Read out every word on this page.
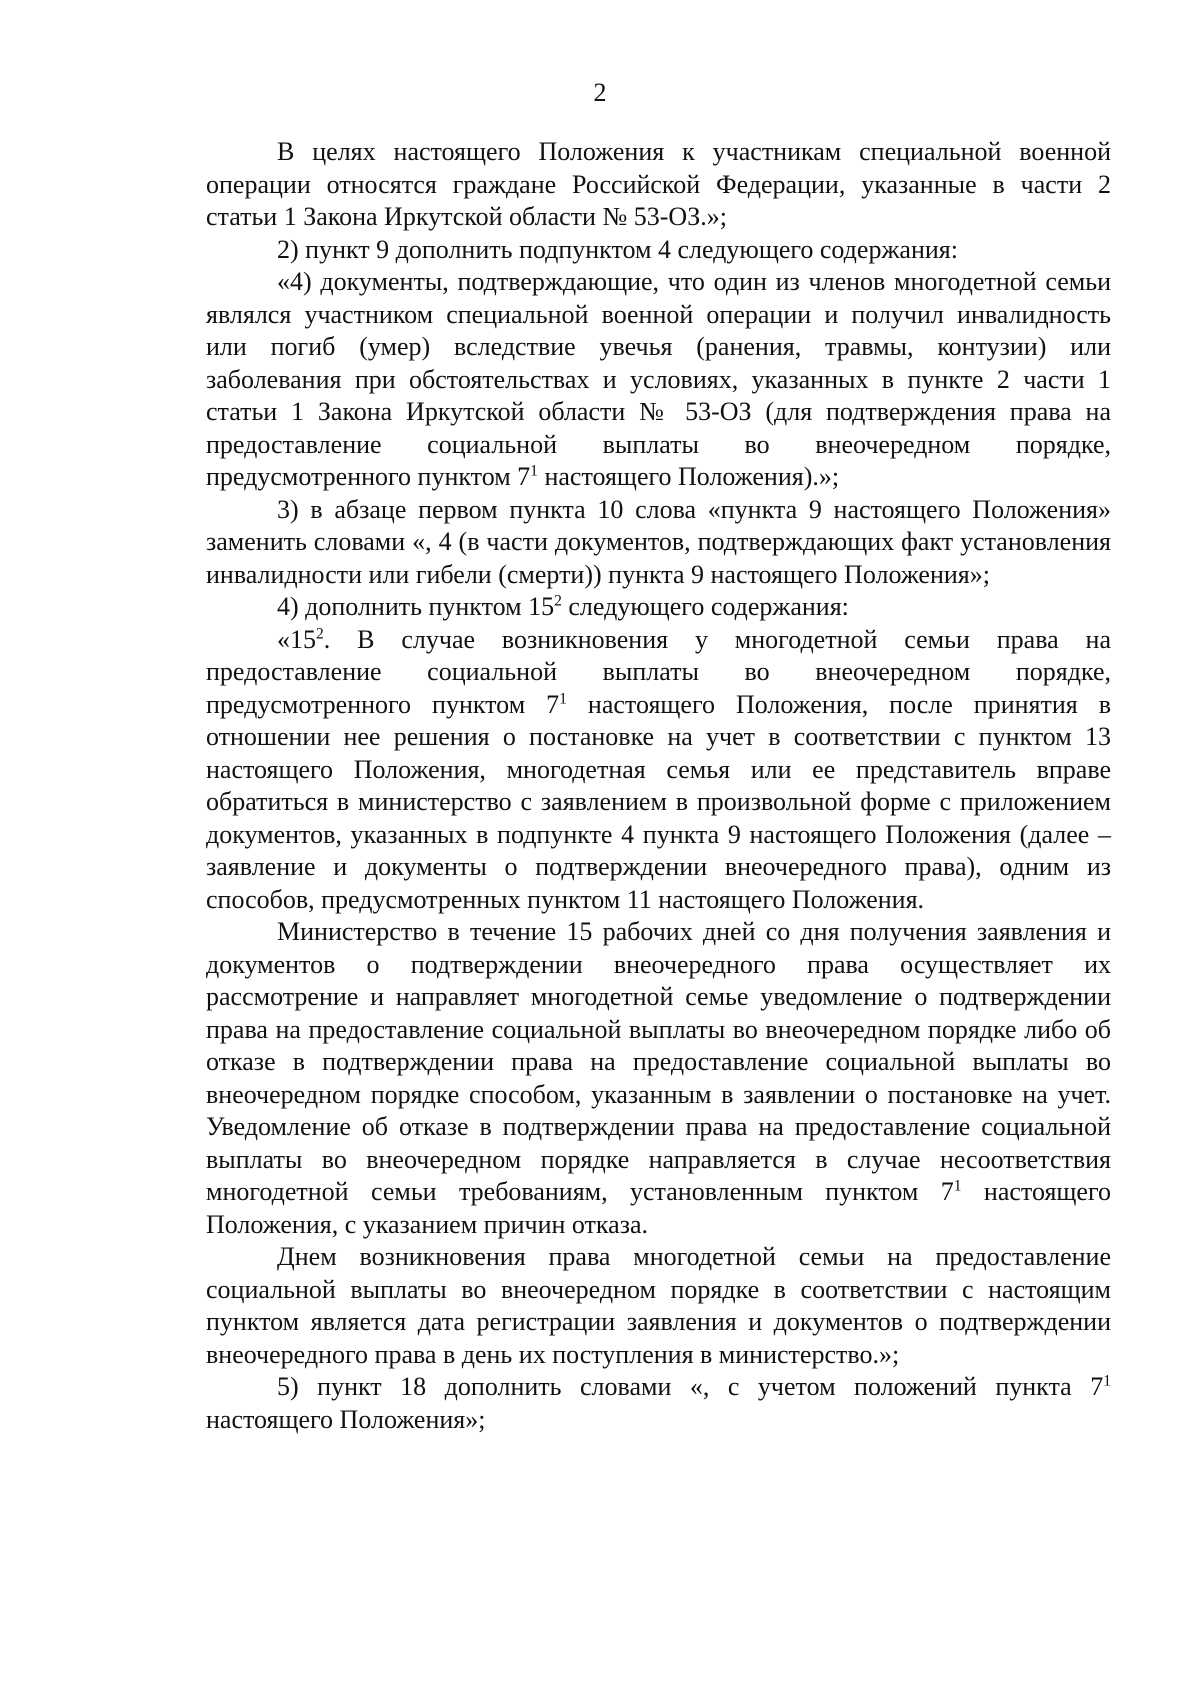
2

В целях настоящего Положения к участникам специальной военной операции относятся граждане Российской Федерации, указанные в части 2 статьи 1 Закона Иркутской области № 53-ОЗ.»;

2) пункт 9 дополнить подпунктом 4 следующего содержания:

«4) документы, подтверждающие, что один из членов многодетной семьи являлся участником специальной военной операции и получил инвалидность или погиб (умер) вследствие увечья (ранения, травмы, контузии) или заболевания при обстоятельствах и условиях, указанных в пункте 2 части 1 статьи 1 Закона Иркутской области № 53-ОЗ (для подтверждения права на предоставление социальной выплаты во внеочередном порядке, предусмотренного пунктом $7^1$ настоящего Положения).»;

3) в абзаце первом пункта 10 слова «пункта 9 настоящего Положения» заменить словами «, 4 (в части документов, подтверждающих факт установления инвалидности или гибели (смерти)) пункта 9 настоящего Положения»;

4) дополнить пунктом $15^2$ следующего содержания:

«$15^2$. В случае возникновения у многодетной семьи права на предоставление социальной выплаты во внеочередном порядке, предусмотренного пунктом $7^1$ настоящего Положения, после принятия в отношении нее решения о постановке на учет в соответствии с пунктом 13 настоящего Положения, многодетная семья или ее представитель вправе обратиться в министерство с заявлением в произвольной форме с приложением документов, указанных в подпункте 4 пункта 9 настоящего Положения (далее – заявление и документы о подтверждении внеочередного права), одним из способов, предусмотренных пунктом 11 настоящего Положения.

Министерство в течение 15 рабочих дней со дня получения заявления и документов о подтверждении внеочередного права осуществляет их рассмотрение и направляет многодетной семье уведомление о подтверждении права на предоставление социальной выплаты во внеочередном порядке либо об отказе в подтверждении права на предоставление социальной выплаты во внеочередном порядке способом, указанным в заявлении о постановке на учет. Уведомление об отказе в подтверждении права на предоставление социальной выплаты во внеочередном порядке направляется в случае несоответствия многодетной семьи требованиям, установленным пунктом $7^1$ настоящего Положения, с указанием причин отказа.

Днем возникновения права многодетной семьи на предоставление социальной выплаты во внеочередном порядке в соответствии с настоящим пунктом является дата регистрации заявления и документов о подтверждении внеочередного права в день их поступления в министерство.»;

5) пункт 18 дополнить словами «, с учетом положений пункта $7^1$ настоящего Положения»;
